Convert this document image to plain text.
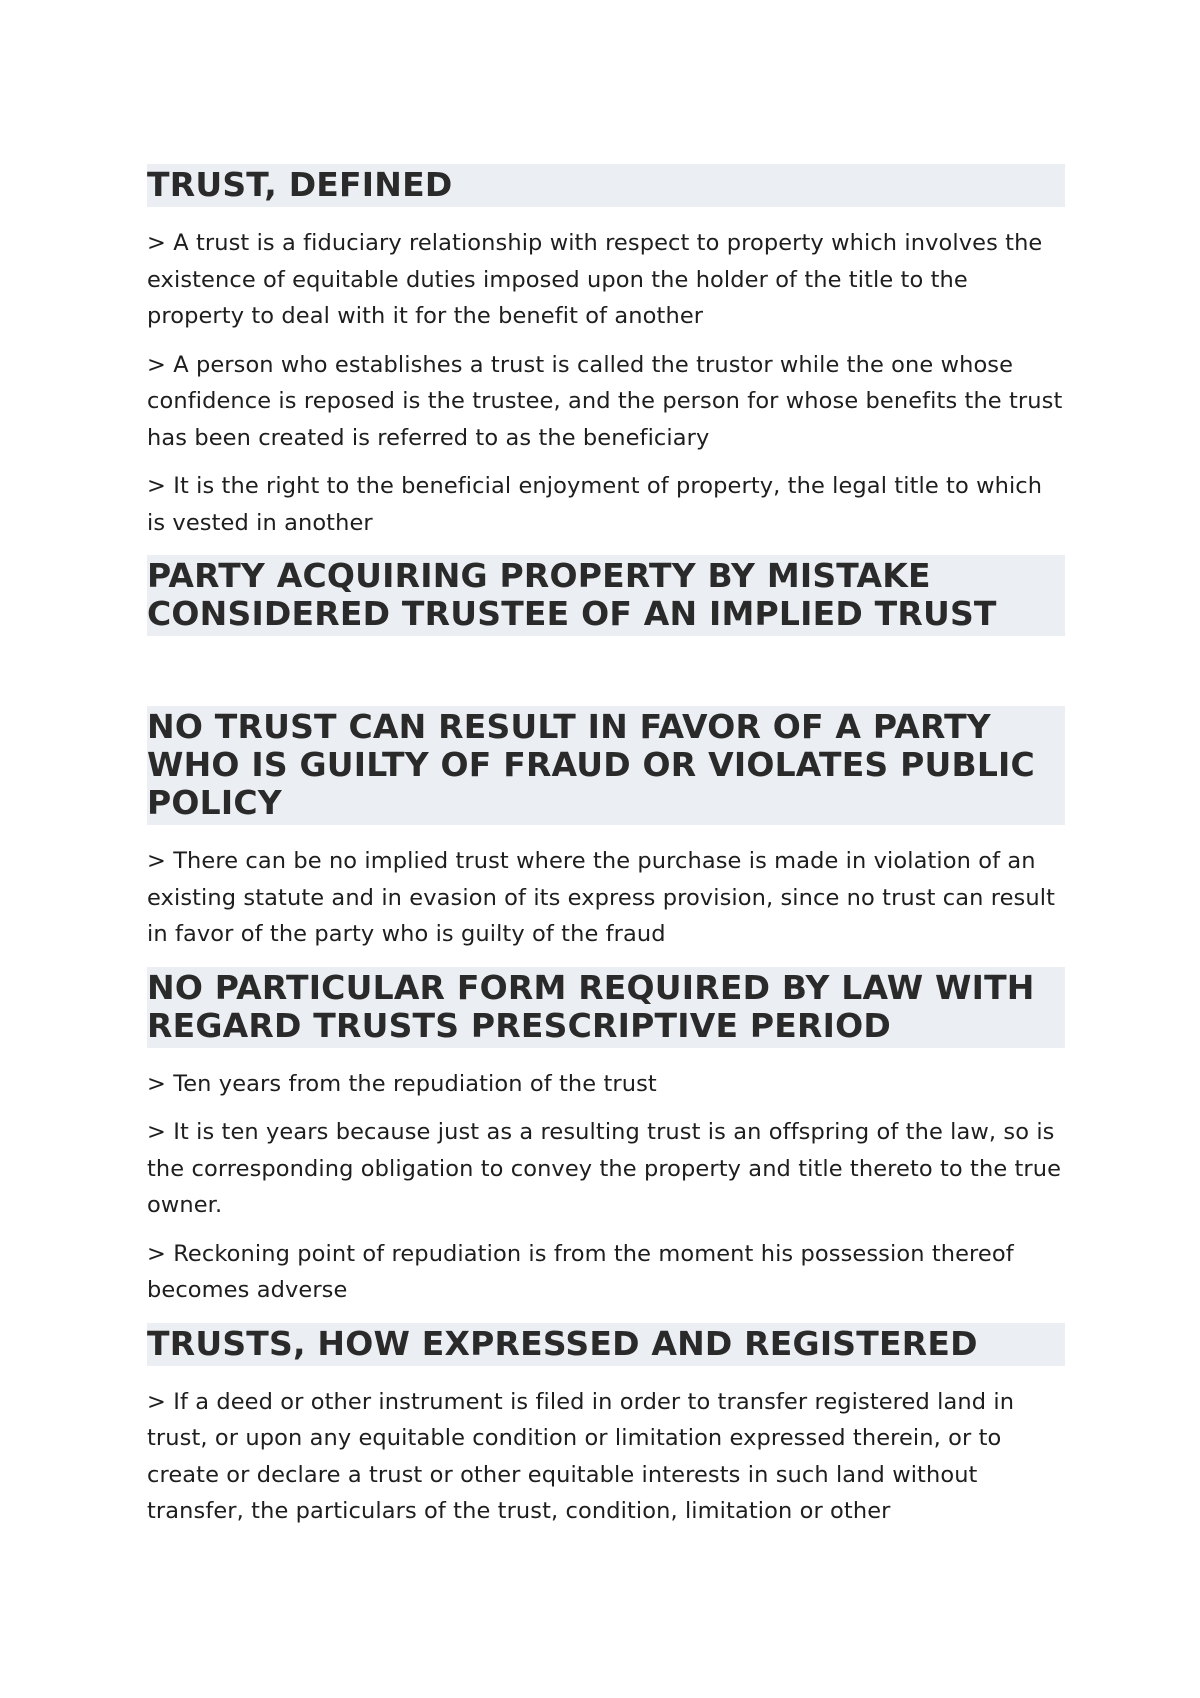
TRUST, DEFINED

> A trust is a fiduciary relationship with respect to property which involves the existence of equitable duties imposed upon the holder of the title to the property to deal with it for the benefit of another

> A person who establishes a trust is called the trustor while the one whose confidence is reposed is the trustee, and the person for whose benefits the trust has been created is referred to as the beneficiary

> It is the right to the beneficial enjoyment of property, the legal title to which is vested in another

PARTY ACQUIRING PROPERTY BY MISTAKE CONSIDERED TRUSTEE OF AN IMPLIED TRUST
NO TRUST CAN RESULT IN FAVOR OF A PARTY WHO IS GUILTY OF FRAUD OR VIOLATES PUBLIC POLICY

> There can be no implied trust where the purchase is made in violation of an existing statute and in evasion of its express provision, since no trust can result in favor of the party who is guilty of the fraud

NO PARTICULAR FORM REQUIRED BY LAW WITH REGARD TRUSTS PRESCRIPTIVE PERIOD

> Ten years from the repudiation of the trust

> It is ten years because just as a resulting trust is an offspring of the law, so is the corresponding obligation to convey the property and title thereto to the true owner.

> Reckoning point of repudiation is from the moment his possession thereof becomes adverse

TRUSTS, HOW EXPRESSED AND REGISTERED

> If a deed or other instrument is filed in order to transfer registered land in trust, or upon any equitable condition or limitation expressed therein, or to create or declare a trust or other equitable interests in such land without transfer, the particulars of the trust, condition, limitation or other
